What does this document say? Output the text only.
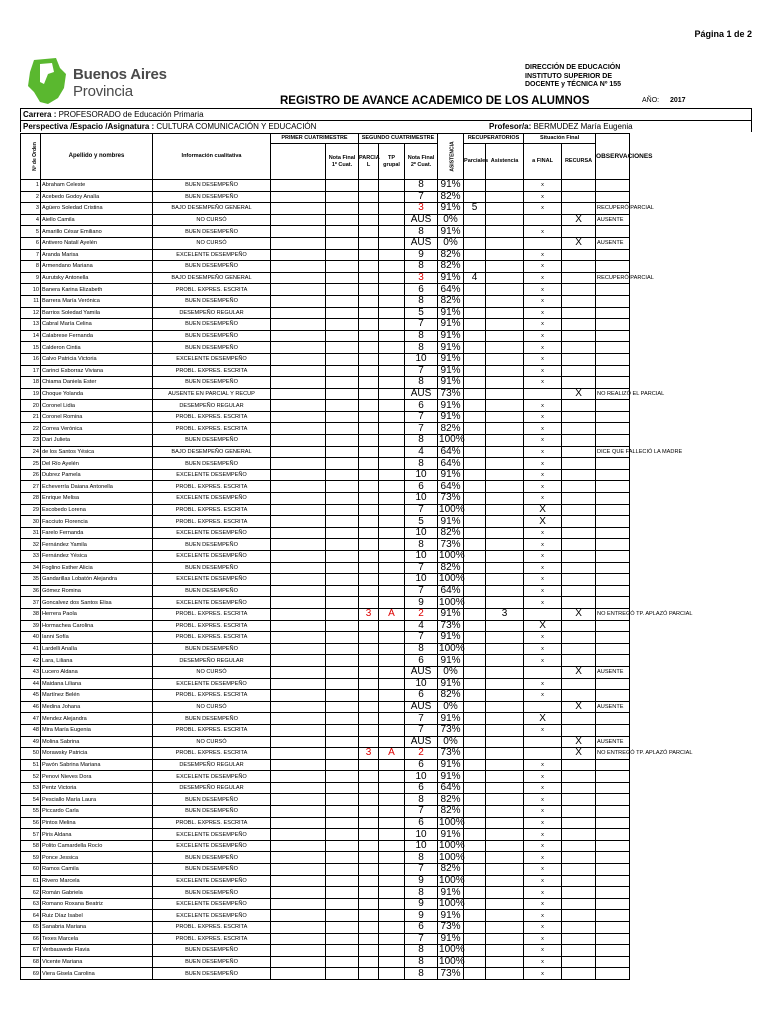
Página 1 de 2
Buenos Aires
Provincia
DIRECCIÓN DE EDUCACIÓN
INSTITUTO SUPERIOR DE
DOCENTE y TÉCNICA Nº 155
REGISTRO DE AVANCE ACADEMICO DE LOS ALUMNOS	AÑO: 2017
Carrera : PROFESORADO de Educación Primaria
Perspectiva /Espacio /Asignatura : CULTURA COMUNICACIÓN Y EDUCACIÓN	Profesor/a: BERMUDEZ María Eugenia
Nº de Orden	Apellido y nombres	Información cualitativa	PRIMER CUATRIMESTRE		SEGUNDO CUATRIMESTRE			ASISTENCIA	RECUPERATORIOS		Situación Final		OBSERVACIONES
				Nota Final 1º Cuat.	PARCIA L	TP grupal	Nota Final 2º Cuat.		Parciales	Asistencia	a FINAL	RECURSA	
1	Abraham Celeste	BUEN DESEMPEÑO					8	91%			x		
2	Acebedo Godoy Analía	BUEN DESEMPEÑO					7	82%			x		
3	Agüero Soledad Cristina	BAJO DESEMPEÑO GENERAL					3	91%	5		x		RECUPERÓ PARCIAL
4	Aiello Camila	NO CURSÓ					AUS	0%				X	AUSENTE
5	Amarillo César Emiliano	BUEN DESEMPEÑO					8	91%			x		
6	Antivero Natalí Ayelén	NO CURSÓ					AUS	0%				X	AUSENTE
7	Aranda Marisa	EXCELENTE DESEMPEÑO					9	82%			x		
8	Armendano Mariana	BUEN DESEMPEÑO					8	82%			x		
9	Aurutsky Antonella	BAJO DESEMPEÑO GENERAL					3	91%	4		x		RECUPERÓ PARCIAL
10	Banera Karina Elizabeth	PROBL. EXPRES. ESCRITA					6	64%			x		
11	Barrera María Verónica	BUEN DESEMPEÑO					8	82%			x		
12	Barrios Soledad Yamila	DESEMPEÑO REGULAR					5	91%			x		
13	Cabral María Celina	BUEN DESEMPEÑO					7	91%			x		
14	Calabrese Fernanda	BUEN DESEMPEÑO					8	91%			x		
15	Calderon Cintia	BUEN DESEMPEÑO					8	91%			x		
16	Calvo Patricia Victoria	EXCELENTE DESEMPEÑO					10	91%			x		
17	Carinci Esborraz Viviana	PROBL. EXPRES. ESCRITA					7	91%			x		
18	Chiama Daniela Ester	BUEN DESEMPEÑO					8	91%			x		
19	Choque Yolanda	AUSENTE EN PARCIAL Y RECUP					AUS	73%				X	NO REALIZÓ EL PARCIAL
20	Coronel Lidia	DESEMPEÑO REGULAR					6	91%			x		
21	Coronel Romina	PROBL. EXPRES. ESCRITA					7	91%			x		
22	Correa Verónica	PROBL. EXPRES. ESCRITA					7	82%			x		
23	Dari Julieta	BUEN DESEMPEÑO					8	100%			x		
24	de los Santos Yésica	BAJO DESEMPEÑO GENERAL					4	64%			x		DICE QUE FALLECIÓ LA MADRE
25	Del Río Ayelén	BUEN DESEMPEÑO					8	64%			x		
26	Dubrez Pamela	EXCELENTE DESEMPEÑO					10	91%			x		
27	Echeverría Daiana Antonella	PROBL. EXPRES. ESCRITA					6	64%			x		
28	Enrique Melisa	EXCELENTE DESEMPEÑO					10	73%			x		
29	Escobedo Lorena	PROBL. EXPRES. ESCRITA					7	100%			X		
30	Facciuto Florencia	PROBL. EXPRES. ESCRITA					5	91%			X		
31	Farelo Fernanda	EXCELENTE DESEMPEÑO					10	82%			x		
32	Fernández Yamila	BUEN DESEMPEÑO					8	73%			x		
33	Fernández Yésica	EXCELENTE DESEMPEÑO					10	100%			x		
34	Foglino Esther Alicia	BUEN DESEMPEÑO					7	82%			x		
35	Gandarillas Lobatón Alejandra	EXCELENTE DESEMPEÑO					10	100%			x		
36	Gómez Romina	BUEN DESEMPEÑO					7	64%			x		
37	Goncalvez dos Santos Elisa	EXCELENTE DESEMPEÑO					9	100%			x		
38	Herrera Paola	PROBL. EXPRES. ESCRITA			3	A	2	91%		3		X	NO ENTREGÓ TP. APLAZÓ PARCIAL
39	Hormachea Carolina	PROBL. EXPRES. ESCRITA					4	73%			X		
40	Ianni Sofía	PROBL. EXPRES. ESCRITA					7	91%			x		
41	Lardelli Analía	BUEN DESEMPEÑO					8	100%			x		
42	Lara, Liliana	DESEMPEÑO REGULAR					6	91%			x		
43	Lucero Aldana	NO CURSÓ					AUS	0%				X	AUSENTE
44	Maidana Liliana	EXCELENTE DESEMPEÑO					10	91%			x		
45	Martínez Belén	PROBL. EXPRES. ESCRITA					6	82%			x		
46	Medina Johana	NO CURSÓ					AUS	0%				X	AUSENTE
47	Mendez Alejandra	BUEN DESEMPEÑO					7	91%			X		
48	Mira María Eugenia	PROBL. EXPRES. ESCRITA					7	73%			x		
49	Molina Sabrina	NO CURSÓ					AUS	0%				X	AUSENTE
50	Morawsky Patricia	PROBL. EXPRES. ESCRITA			3	A	2	73%				X	NO ENTREGÓ TP. APLAZÓ PARCIAL
51	Pavón Sabrina Mariana	DESEMPEÑO REGULAR					6	91%			x		
52	Penovi Nieves Dora	EXCELENTE DESEMPEÑO					10	91%			x		
53	Pentz Victoria	DESEMPEÑO REGULAR					6	64%			x		
54	Pesciallo María Laura	BUEN DESEMPEÑO					8	82%			x		
55	Piccardo Carla	BUEN DESEMPEÑO					7	82%			x		
56	Pintos Melina	PROBL. EXPRES. ESCRITA					6	100%			x		
57	Piris Aldana	EXCELENTE DESEMPEÑO					10	91%			x		
58	Polito Camardella Rocío	EXCELENTE DESEMPEÑO					10	100%			x		
59	Ponce Jessica	BUEN DESEMPEÑO					8	100%			x		
60	Ramos Camila	BUEN DESEMPEÑO					7	82%			x		
61	Rivero Marcela	EXCELENTE DESEMPEÑO					9	100%			x		
62	Román Gabriela	BUEN DESEMPEÑO					8	91%			x		
63	Romano Roxana Beatriz	EXCELENTE DESEMPEÑO					9	100%			x		
64	Ruiz Díaz Isabel	EXCELENTE DESEMPEÑO					9	91%			x		
65	Sanabria Mariana	PROBL. EXPRES. ESCRITA					6	73%			x		
66	Texes Marcela	PROBL. EXPRES. ESCRITA					7	91%			x		
67	Verbauwede Flavia	BUEN DESEMPEÑO					8	100%			x		
68	Vicente Mariana	BUEN DESEMPEÑO					8	100%			x		
69	Viera Gisela Carolina	BUEN DESEMPEÑO					8	73%			x		
